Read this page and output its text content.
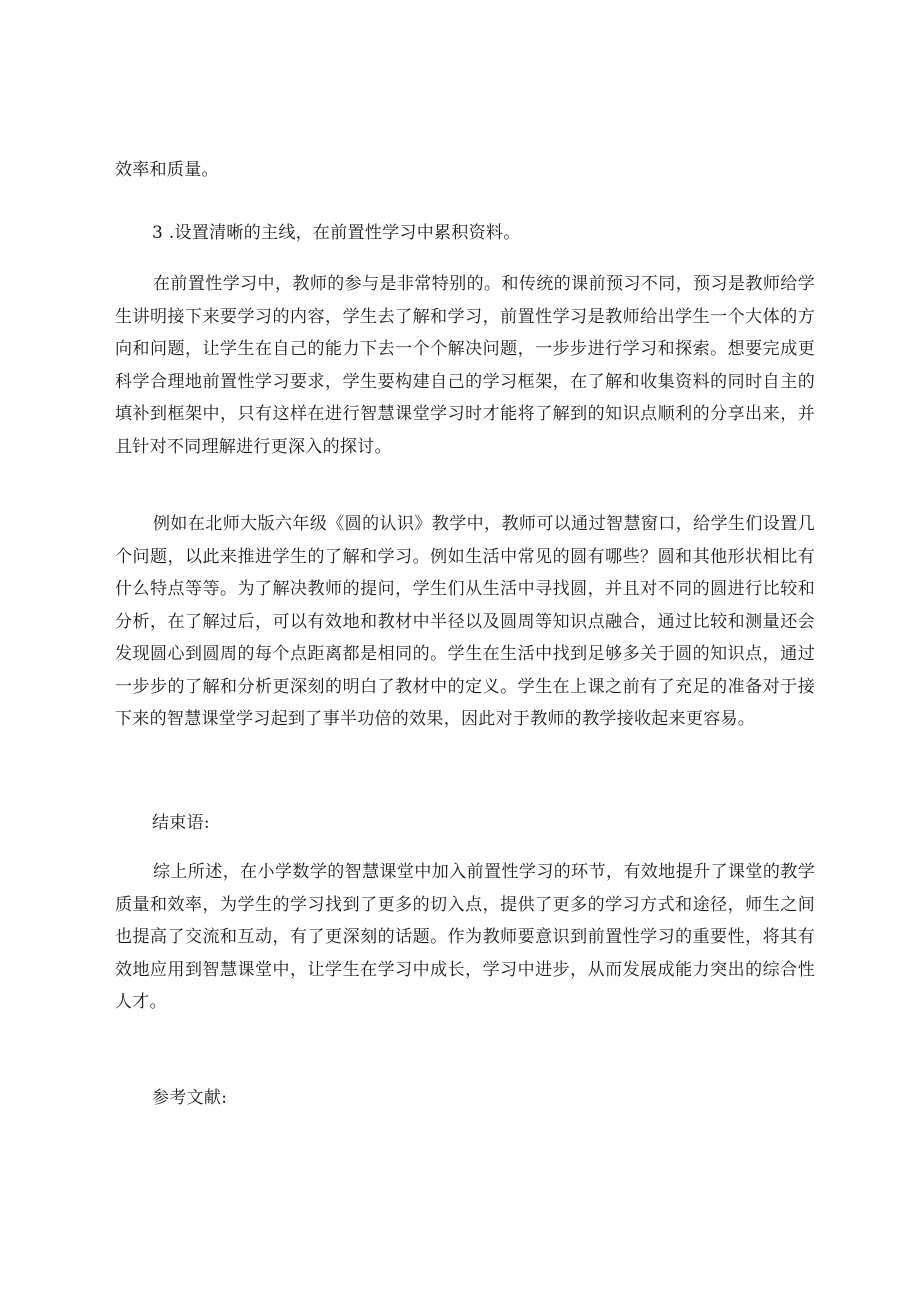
效率和质量。
3 .设置清晰的主线，在前置性学习中累积资料。
在前置性学习中，教师的参与是非常特别的。和传统的课前预习不同，预习是教师给学生讲明接下来要学习的内容，学生去了解和学习，前置性学习是教师给出学生一个大体的方向和问题，让学生在自己的能力下去一个个解决问题，一步步进行学习和探索。想要完成更科学合理地前置性学习要求，学生要构建自己的学习框架，在了解和收集资料的同时自主的填补到框架中，只有这样在进行智慧课堂学习时才能将了解到的知识点顺利的分享出来，并且针对不同理解进行更深入的探讨。
例如在北师大版六年级《圆的认识》教学中，教师可以通过智慧窗口，给学生们设置几个问题，以此来推进学生的了解和学习。例如生活中常见的圆有哪些？圆和其他形状相比有什么特点等等。为了解决教师的提问，学生们从生活中寻找圆，并且对不同的圆进行比较和分析，在了解过后，可以有效地和教材中半径以及圆周等知识点融合，通过比较和测量还会发现圆心到圆周的每个点距离都是相同的。学生在生活中找到足够多关于圆的知识点，通过一步步的了解和分析更深刻的明白了教材中的定义。学生在上课之前有了充足的准备对于接下来的智慧课堂学习起到了事半功倍的效果，因此对于教师的教学接收起来更容易。
结束语:
综上所述，在小学数学的智慧课堂中加入前置性学习的环节，有效地提升了课堂的教学质量和效率，为学生的学习找到了更多的切入点，提供了更多的学习方式和途径，师生之间也提高了交流和互动，有了更深刻的话题。作为教师要意识到前置性学习的重要性，将其有效地应用到智慧课堂中，让学生在学习中成长，学习中进步，从而发展成能力突出的综合性人才。
参考文献:
